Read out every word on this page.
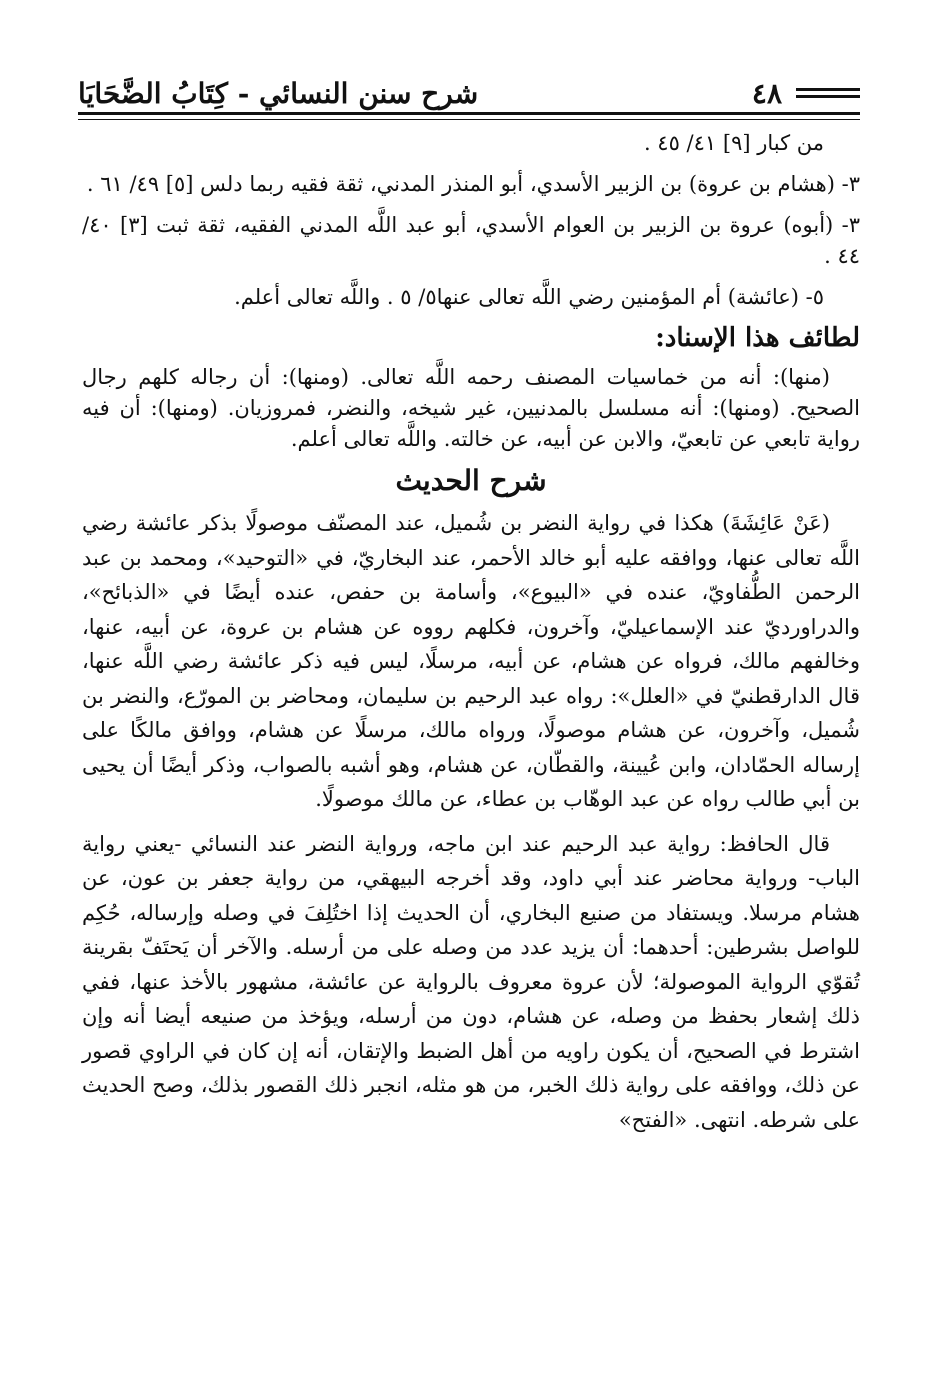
٤٨
شرح سنن النسائي - كِتَابُ الضَّحَايَا
من كبار [٩] ٤١/ ٤٥ .
٣- (هشام بن عروة) بن الزبير الأسدي، أبو المنذر المدني، ثقة فقيه ربما دلس [٥] ٤٩/ ٦١ .
٣- (أبوه) عروة بن الزبير بن العوام الأسدي، أبو عبد اللَّه المدني الفقيه، ثقة ثبت [٣] ٤٠/ ٤٤ .
٥- (عائشة) أم المؤمنين رضي اللَّه تعالى عنها٥/ ٥ . واللَّه تعالى أعلم.
لطائف هذا الإسناد:

(منها): أنه من خماسيات المصنف رحمه اللَّه تعالى. (ومنها): أن رجاله كلهم رجال الصحيح. (ومنها): أنه مسلسل بالمدنيين، غير شيخه، والنضر، فمروزيان. (ومنها): أن فيه رواية تابعي عن تابعيّ، والابن عن أبيه، عن خالته. واللَّه تعالى أعلم.

شرح الحديث

(عَنْ عَائِشَةَ) هكذا في رواية النضر بن شُميل، عند المصنّف موصولًا بذكر عائشة رضي اللَّه تعالى عنها، ووافقه عليه أبو خالد الأحمر، عند البخاريّ، في «التوحيد»، ومحمد بن عبد الرحمن الطُّفاويّ، عنده في «البيوع»، وأسامة بن حفص، عنده أيضًا في «الذبائح»، والدراورديّ عند الإسماعيليّ، وآخرون، فكلهم رووه عن هشام بن عروة، عن أبيه، عنها، وخالفهم مالك، فرواه عن هشام، عن أبيه، مرسلًا، ليس فيه ذكر عائشة رضي اللَّه عنها، قال الدارقطنيّ في «العلل»: رواه عبد الرحيم بن سليمان، ومحاضر بن المورّع، والنضر بن شُميل، وآخرون، عن هشام موصولًا، ورواه مالك، مرسلًا عن هشام، ووافق مالكًا على إرساله الحمّادان، وابن عُيينة، والقطّان، عن هشام، وهو أشبه بالصواب، وذكر أيضًا أن يحيى بن أبي طالب رواه عن عبد الوهّاب بن عطاء، عن مالك موصولًا.

قال الحافظ: رواية عبد الرحيم عند ابن ماجه، ورواية النضر عند النسائي -يعني رواية الباب- ورواية محاضر عند أبي داود، وقد أخرجه البيهقي، من رواية جعفر بن عون، عن هشام مرسلا. ويستفاد من صنيع البخاري، أن الحديث إذا اختُلِفَ في وصله وإرساله، حُكِم للواصل بشرطين: أحدهما: أن يزيد عدد من وصله على من أرسله. والآخر أن يَحتَفّ بقرينة تُقوّي الرواية الموصولة؛ لأن عروة معروف بالرواية عن عائشة، مشهور بالأخذ عنها، ففي ذلك إشعار بحفظ من وصله، عن هشام، دون من أرسله، ويؤخذ من صنيعه أيضا أنه وإن اشترط في الصحيح، أن يكون راويه من أهل الضبط والإتقان، أنه إن كان في الراوي قصور عن ذلك، ووافقه على رواية ذلك الخبر، من هو مثله، انجبر ذلك القصور بذلك، وصح الحديث على شرطه. انتهى. «الفتح»
